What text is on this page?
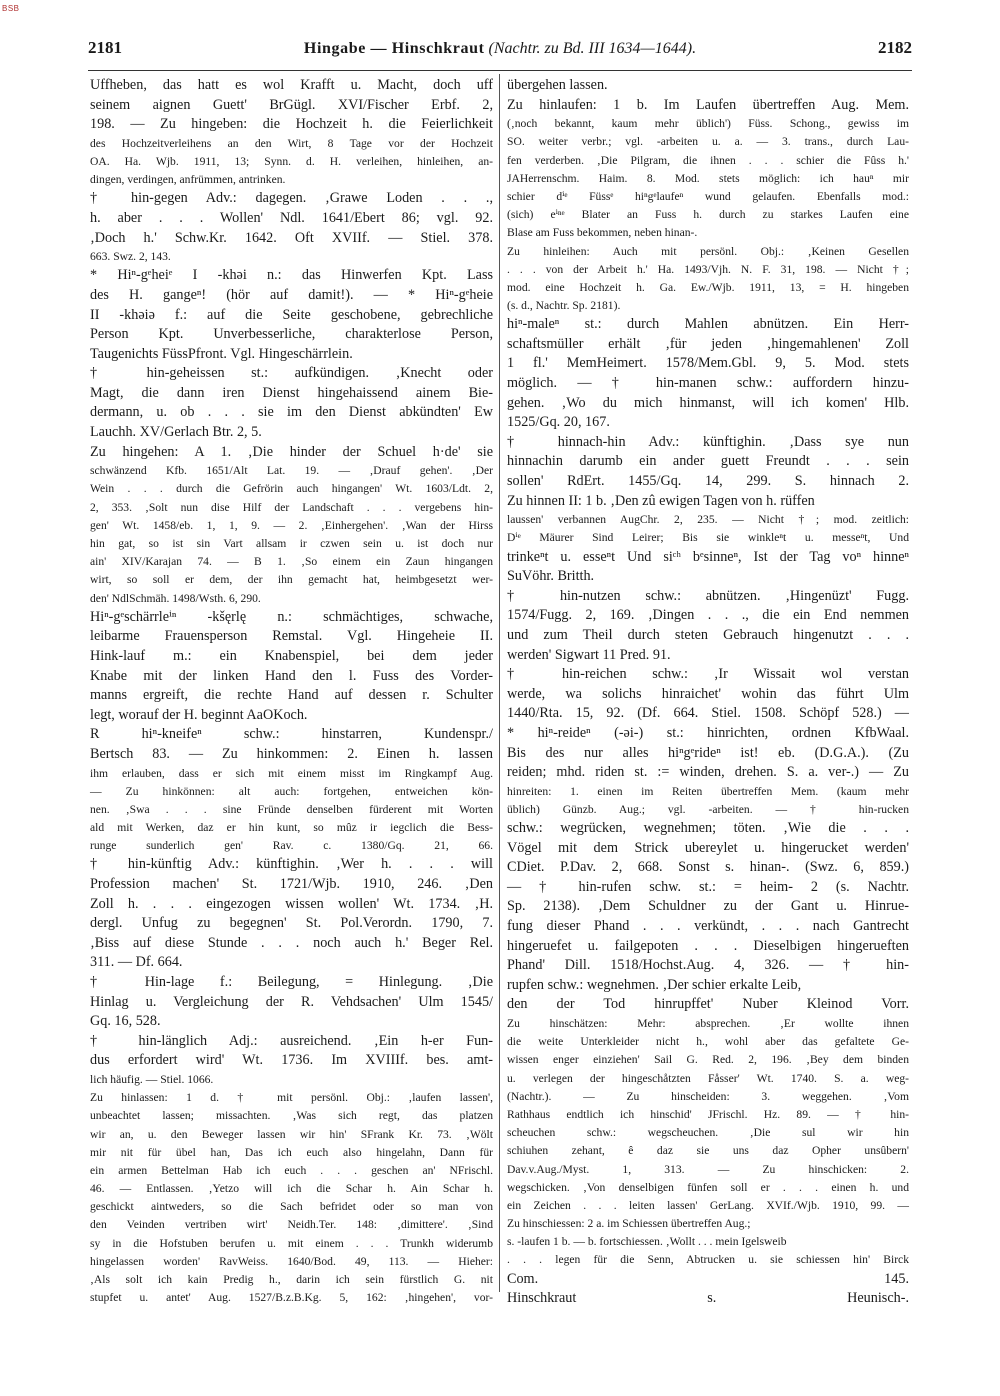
BSB
2181	Hingabe — Hinschkraut (Nachtr. zu Bd. III 1634—1644).	2182
Uffheben, das hatt es wol Krafft u. Macht, doch uff
seinem aignen Guett' BrGügl. XVI/Fischer Erbf. 2,
198. — Zu hingeben: die Hochzeit h. die Feierlichkeit
des Hochzeitverleihens an den Wirt, 8 Tage vor der Hochzeit
OA. Ha. Wjb. 1911, 13; Synn. d. H. verleihen, hinleihen, an-
dingen, verdingen, anfrümmen, antrinken.
† hin-gegen Adv.: dagegen. ‚Grawe Loden . . .,
h. aber . . . Wollen' Ndl. 1641/Ebert 86; vgl. 92.
‚Doch h.' Schw.Kr. 1642. Oft XVIIf. — Stiel. 378.
663. Swz. 2, 143.
* Hiⁿ-gᵉheiᵉ I -khəi n.: das Hinwerfen Kpt. Lass
des H. gangeⁿ! (hör auf damit!). — * Hiⁿ-gᵉheie
II -khəiə f.: auf die Seite geschobene, gebrechliche
Person Kpt. Unverbesserliche, charakterlose Person,
Taugenichts FüssPfront. Vgl. Hingeschärrlein.
† hin-geheissen st.: aufkündigen. ‚Knecht oder
Magt, die dann iren Dienst hingehaissend ainem Bie-
dermann, u. ob . . . sie im den Dienst abkündten' Ew
Lauchh. XV/Gerlach Btr. 2, 5.
Zu hingehen: A 1. ‚Die hinder der Schuel h·de' sie
schwänzend Kfb. 1651/Alt Lat. 19. — ‚Drauf gehen'. ‚Der
Wein . . . durch die Gefrörin auch hingangen' Wt. 1603/Ldt. 2,
2, 353. ‚Solt nun dise Hilf der Landschaft . . . vergebens hin-
gen' Wt. 1458/eb. 1, 1, 9. — 2. ‚Einhergehen'. ‚Wan der Hirss
hin gat, so ist sin Vart allsam ir czwen sein u. ist doch nur
ain' XIV/Karajan 74. — B 1. ‚So einem ein Zaun hingangen
wirt, so soll er dem, der ihn gemacht hat, heimbgesetzt wer-
den' NdlSchmäh. 1498/Wsth. 6, 290.
Hiⁿ-gᵉschärrleⁱⁿ -kšęrlę n.: schmächtiges, schwache,
leibarme Frauensperson Remstal. Vgl. Hingeheie II.
Hink-lauf m.: ein Knabenspiel, bei dem jeder
Knabe mit der linken Hand den l. Fuss des Vorder-
manns ergreift, die rechte Hand auf dessen r. Schulter
legt, worauf der H. beginnt AaOKoch.
R hiⁿ-kneifeⁿ schw.: hinstarren, Kundenspr./
Bertsch 83. — Zu hinkommen: 2. Einen h. lassen
ihm erlauben, dass er sich mit einem misst im Ringkampf Aug.
— Zu hinkönnen: alt auch: fortgehen, entweichen kön-
nen. ‚Swa . . . sine Fründe denselben fürderent mit Worten
ald mit Werken, daz er hin kunt, so mûz ir iegclich die Bess-
runge sunderlich gen' Rav. c. 1380/Gq. 21, 66.
† hin-künftig Adv.: künftighin. ‚Wer h. . . . will
Profession machen' St. 1721/Wjb. 1910, 246. ‚Den
Zoll h. . . . eingezogen wissen wollen' Wt. 1734. ‚H.
dergl. Unfug zu begegnen' St. Pol.Verordn. 1790, 7.
‚Biss auf diese Stunde . . . noch auch h.' Beger Rel.
311. — Df. 664.
† Hin-lage f.: Beilegung, = Hinlegung. ‚Die
Hinlag u. Vergleichung der R. Vehdsachen' Ulm 1545/
Gq. 16, 528.
† hin-länglich Adj.: ausreichend. ‚Ein h-er Fun-
dus erfordert wird' Wt. 1736. Im XVIIIf. bes. amt-
lich häufig. — Stiel. 1066.
Zu hinlassen: 1 d. † mit persönl. Obj.: ‚laufen lassen',
unbeachtet lassen; missachten. ‚Was sich regt, das platzen
wir an, u. den Beweger lassen wir hin' SFrank Kr. 73. ‚Wölt
mir nit für übel han, Das ich euch also hingelahn, Dann für
ein armen Bettelman Hab ich euch . . . geschen an' NFrischl.
46. — Entlassen. ‚Yetzo will ich die Schar h. Ain Schar h.
geschickt aintweders, so die Sach befridet oder so man von
den Veinden vertriben wirt' Neidh.Ter. 148: ‚dimittere'. ‚Sind
sy in die Hofstuben berufen u. mit einem . . . Trunkh widerumb
hingelassen worden' RavWeiss. 1640/Bod. 49, 113. — Hieher:
‚Als solt ich kain Predig h., darin ich sein fürstlich G. nit
stupfet u. antet' Aug. 1527/B.z.B.Kg. 5, 162: ‚hingehen', vor-
übergehen lassen.
Zu hinlaufen: 1 b. Im Laufen übertreffen Aug. Mem.
(‚noch bekannt, kaum mehr üblich') Füss. Schong., gewiss im
SO. weiter verbr.; vgl. -arbeiten u. a. — 3. trans., durch Lau-
fen verderben. ‚Die Pilgram, die ihnen . . . schier die Fûss h.'
JAHerrenschm. Haim. 8. Mod. stets möglich: ich hauⁿ mir
schier dⁱᵉ Füssᵉ hiⁿgᵉlaufeⁿ wund gelaufen. Ebenfalls mod.:
(sich) eⁱⁿᵉ Blater an Fuss h. durch zu starkes Laufen eine
Blase am Fuss bekommen, neben hinan-.
Zu hinleihen: Auch mit persönl. Obj.: ‚Keinen Gesellen
. . . von der Arbeit h.' Ha. 1493/Vjh. N. F. 31, 198. — Nicht †;
mod. eine Hochzeit h. Ga. Ew./Wjb. 1911, 13, = H. hingeben
(s. d., Nachtr. Sp. 2181).
hiⁿ-maleⁿ st.: durch Mahlen abnützen. Ein Herr-
schaftsmüller erhält ‚für jeden ‚hingemahlenen' Zoll
1 fl.' MemHeimert. 1578/Mem.Gbl. 9, 5. Mod. stets
möglich. — † hin-manen schw.: auffordern hinzu-
gehen. ‚Wo du mich hinmanst, will ich komen' Hlb.
1525/Gq. 20, 167.
† hinnach-hin Adv.: künftighin. ‚Dass sye nun
hinnachin darumb ein ander guett Freundt . . . sein
sollen' RdErt. 1455/Gq. 14, 299. S. hinnach 2.
Zu hinnen II: 1 b. ‚Den zû ewigen Tagen von h. rüffen
laussen' verbannen AugChr. 2, 235. — Nicht †; mod. zeitlich:
Dⁱᵉ Mäurer Sind Leirer; Bis sie winkleⁿt u. messeⁿt, Und
trinkeⁿt u. esseⁿt Und siᶜʰ bᵉsinneⁿ, Ist der Tag voⁿ hinneⁿ
SuVöhr. Britth.
† hin-nutzen schw.: abnützen. ‚Hingenüzt' Fugg.
1574/Fugg. 2, 169. ‚Dingen . . ., die ein End nemmen
und zum Theil durch steten Gebrauch hingenutzt . . .
werden' Sigwart 11 Pred. 91.
† hin-reichen schw.: ‚Ir Wissait wol verstan
werde, wa solichs hinraichet' wohin das führt Ulm
1440/Rta. 15, 92. (Df. 664. Stiel. 1508. Schöpf 528.) —
* hiⁿ-reideⁿ (-əi-) st.: hinrichten, ordnen KfbWaal.
Bis des nur alles hiⁿgᵉrideⁿ ist! eb. (D.G.A.). (Zu
reiden; mhd. riden st. := winden, drehen. S. a. ver-.) — Zu
hinreiten: 1. einen im Reiten übertreffen Mem. (kaum mehr
üblich) Günzb. Aug.; vgl. -arbeiten. — † hin-rucken
schw.: wegrücken, wegnehmen; töten. ‚Wie die . . .
Vögel mit dem Strick ubereylet u. hingerucket werden'
CDiet. P.Dav. 2, 668. Sonst s. hinan-. (Swz. 6, 859.)
— † hin-rufen schw. st.: = heim- 2 (s. Nachtr.
Sp. 2138). ‚Dem Schuldner zu der Gant u. Hinrue-
fung dieser Phand . . . verkündt, . . . nach Gantrecht
hingeruefet u. failgepoten . . . Dieselbigen hingerueften
Phand' Dill. 1518/Hochst.Aug. 4, 326. — † hin-
rupfen schw.: wegnehmen. ‚Der schier erkalte Leib,
den der Tod hinrupffet' Nuber Kleinod Vorr.
Zu hinschätzen: Mehr: absprechen. ‚Er wollte ihnen
die weite Unterkleider nicht h., wohl aber das gefaltete Ge-
wissen enger einziehen' Sail G. Red. 2, 196. ‚Bey dem binden
u. verlegen der hingeschåtzten Fåsser' Wt. 1740. S. a. weg-
(Nachtr.). — Zu hinscheiden: 3. weggehen. ‚Vom
Rathhaus endtlich ich hinschid' JFrischl. Hz. 89. — † hin-
scheuchen schw.: wegscheuchen. ‚Die sul wir hin
schiuhen zehant, ê daz sie uns daz Opher unsûbern'
Dav.v.Aug./Myst. 1, 313. — Zu hinschicken: 2.
wegschicken. ‚Von denselbigen fünfen soll er . . . einen h. und
ein Zeichen . . . leiten lassen' GerLang. XVIf./Wjb. 1910, 99. —
Zu hinschiessen: 2 a. im Schiessen übertreffen Aug.;
s. -laufen 1 b. — b. fortschiessen. ‚Wollt . . . mein Igelsweib
. . . legen für die Senn, Abtrucken u. sie schiessen hin' Birck
Com. 145.
Hinschkraut s. Heunisch-.
